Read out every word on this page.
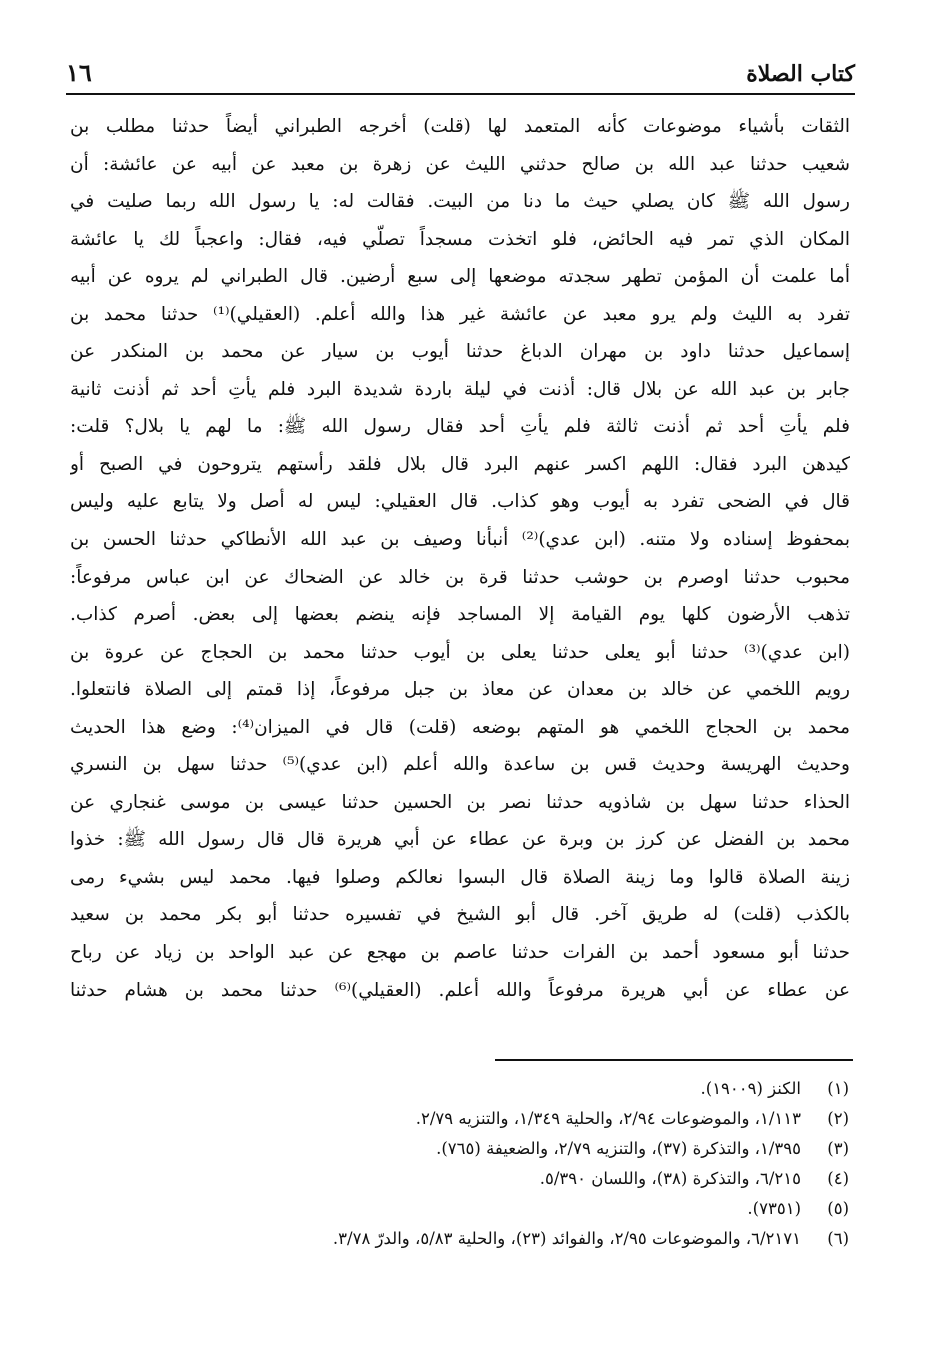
كتاب الصلاة
١٦
الثقات بأشياء موضوعات كأنه المتعمد لها (قلت) أخرجه الطبراني أيضاً حدثنا مطلب بن
شعيب حدثنا عبد الله بن صالح حدثني الليث عن زهرة بن معبد عن أبيه عن عائشة: أن
رسول الله ﷺ كان يصلي حيث ما دنا من البيت. فقالت له: يا رسول الله ربما صليت في
المكان الذي تمر فيه الحائض، فلو اتخذت مسجداً تصلّي فيه، فقال: واعجباً لك يا عائشة
أما علمت أن المؤمن تطهر سجدته موضعها إلى سبع أرضين. قال الطبراني لم يروه عن أبيه
تفرد به الليث ولم يرو معبد عن عائشة غير هذا والله أعلم. (العقيلي)⁽¹⁾ حدثنا محمد بن
إسماعيل حدثنا داود بن مهران الدباغ حدثنا أيوب بن سيار عن محمد بن المنكدر عن
جابر بن عبد الله عن بلال قال: أذنت في ليلة باردة شديدة البرد فلم يأتِ أحد ثم أذنت ثانية
فلم يأتِ أحد ثم أذنت ثالثة فلم يأتِ أحد فقال رسول الله ﷺ: ما لهم يا بلال؟ قلت:
كيدهن البرد فقال: اللهم اكسر عنهم البرد قال بلال فلقد رأستهم يتروحون في الصبح أو
قال في الضحى تفرد به أيوب وهو كذاب. قال العقيلي: ليس له أصل ولا يتابع عليه وليس
بمحفوظ إسناده ولا متنه. (ابن عدي)⁽²⁾ أنبأنا وصيف بن عبد الله الأنطاكي حدثنا الحسن بن
محبوب حدثنا اوصرم بن حوشب حدثنا قرة بن خالد عن الضحاك عن ابن عباس مرفوعاً:
تذهب الأرضون كلها يوم القيامة إلا المساجد فإنه ينضم بعضها إلى بعض. أصرم كذاب.
(ابن عدي)⁽³⁾ حدثنا أبو يعلى حدثنا يعلى بن أيوب حدثنا محمد بن الحجاج عن عروة بن
رويم اللخمي عن خالد بن معدان عن معاذ بن جبل مرفوعاً، إذا قمتم إلى الصلاة فانتعلوا.
محمد بن الحجاج اللخمي هو المتهم بوضعه (قلت) قال في الميزان⁽⁴⁾: وضع هذا الحديث
وحديث الهريسة وحديث قس بن ساعدة والله أعلم (ابن عدي)⁽⁵⁾ حدثنا سهل بن النسري
الحذاء حدثنا سهل بن شاذويه حدثنا نصر بن الحسين حدثنا عيسى بن موسى غنجاري عن
محمد بن الفضل عن كرز بن وبرة عن عطاء عن أبي هريرة قال قال رسول الله ﷺ: خذوا
زينة الصلاة قالوا وما زينة الصلاة قال البسوا نعالكم وصلوا فيها. محمد ليس بشيء رمى
بالكذب (قلت) له طريق آخر. قال أبو الشيخ في تفسيره حدثنا أبو بكر محمد بن سعيد
حدثنا أبو مسعود أحمد بن الفرات حدثنا عاصم بن مهجع عن عبد الواحد بن زياد عن رباح
عن عطاء عن أبي هريرة مرفوعاً والله أعلم. (العقيلي)⁽⁶⁾ حدثنا محمد بن هشام حدثنا
(١)
الكنز (١٩٠٠٩).
(٢)
١/١١٣، والموضوعات ٢/٩٤، والحلية ١/٣٤٩، والتنزيه ٢/٧٩.
(٣)
١/٣٩٥، والتذكرة (٣٧)، والتنزيه ٢/٧٩، والضعيفة (٧٦٥).
(٤)
٦/٢١٥، والتذكرة (٣٨)، واللسان ٥/٣٩٠.
(٥)
(٧٣٥١).
(٦)
٦/٢١٧١، والموضوعات ٢/٩٥، والفوائد (٢٣)، والحلية ٥/٨٣، والدرّ ٣/٧٨.
